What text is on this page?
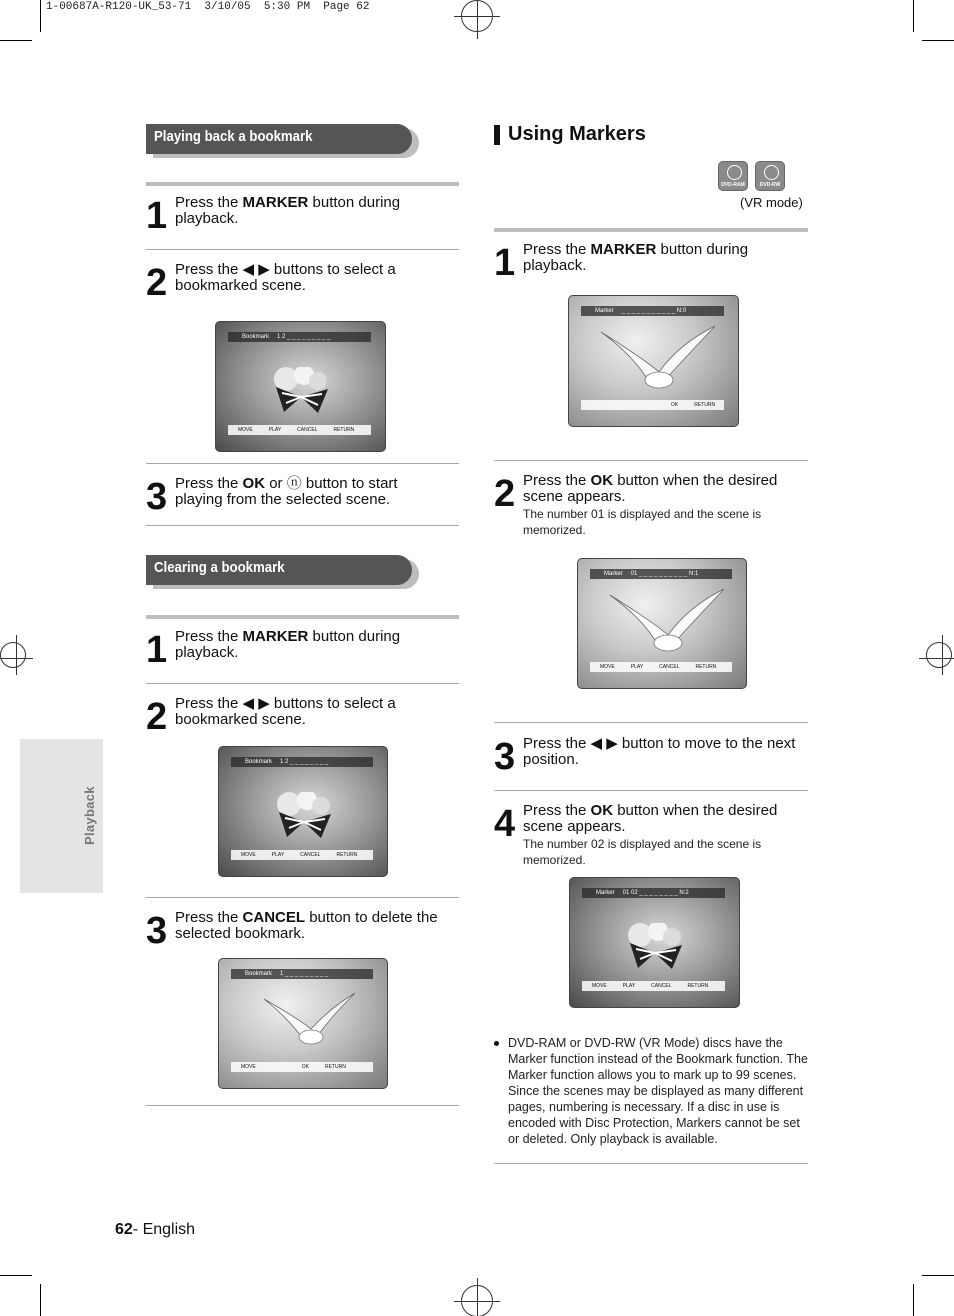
1-00687A-R120-UK_53-71  3/10/05  5:30 PM  Page 62
Playback
Playing back a bookmark
1 Press the MARKER button during
playback.
2 Press the ◀ ▶ buttons to select a
bookmarked scene.
Bookmark 1 2 _ _ _ _ _ _ _ _ _
MOVE	PLAY	CANCEL	RETURN
3 Press the OK or ⓝ button to start
playing from the selected scene.
Clearing a bookmark
1 Press the MARKER button during
playback.
2 Press the ◀ ▶ buttons to select a
bookmarked scene.
Bookmark 1 2 _ _ _ _ _ _ _ _
MOVE	PLAY	CANCEL	RETURN
3 Press the CANCEL button to delete the
selected bookmark.
Bookmark 1 _ _ _ _ _ _ _ _ _
MOVE	OK	RETURN
Using Markers
DVD-RAM	DVD-RW
(VR mode)
1 Press the MARKER button during
playback.
Marker _ _ _ _ _ _ _ _ _ _ _ N:0
OK	RETURN
2 Press the OK button when the desired
scene appears.
The number 01 is displayed and the scene is
memorized.
Marker 01 _ _ _ _ _ _ _ _ _ _ N:1
MOVE	PLAY	CANCEL	RETURN
3 Press the ◀ ▶ button to move to the next
position.
4 Press the OK button when the desired
scene appears.
The number 02 is displayed and the scene is
memorized.
Marker 01 02 _ _ _ _ _ _ _ _ N:2
MOVE	PLAY	CANCEL	RETURN
DVD-RAM or DVD-RW (VR Mode) discs have the Marker function instead of the Bookmark function. The Marker function allows you to mark up to 99 scenes. Since the scenes may be displayed as many different pages, numbering is necessary. If a disc in use is encoded with Disc Protection, Markers cannot be set or deleted. Only playback is available.
62- English
